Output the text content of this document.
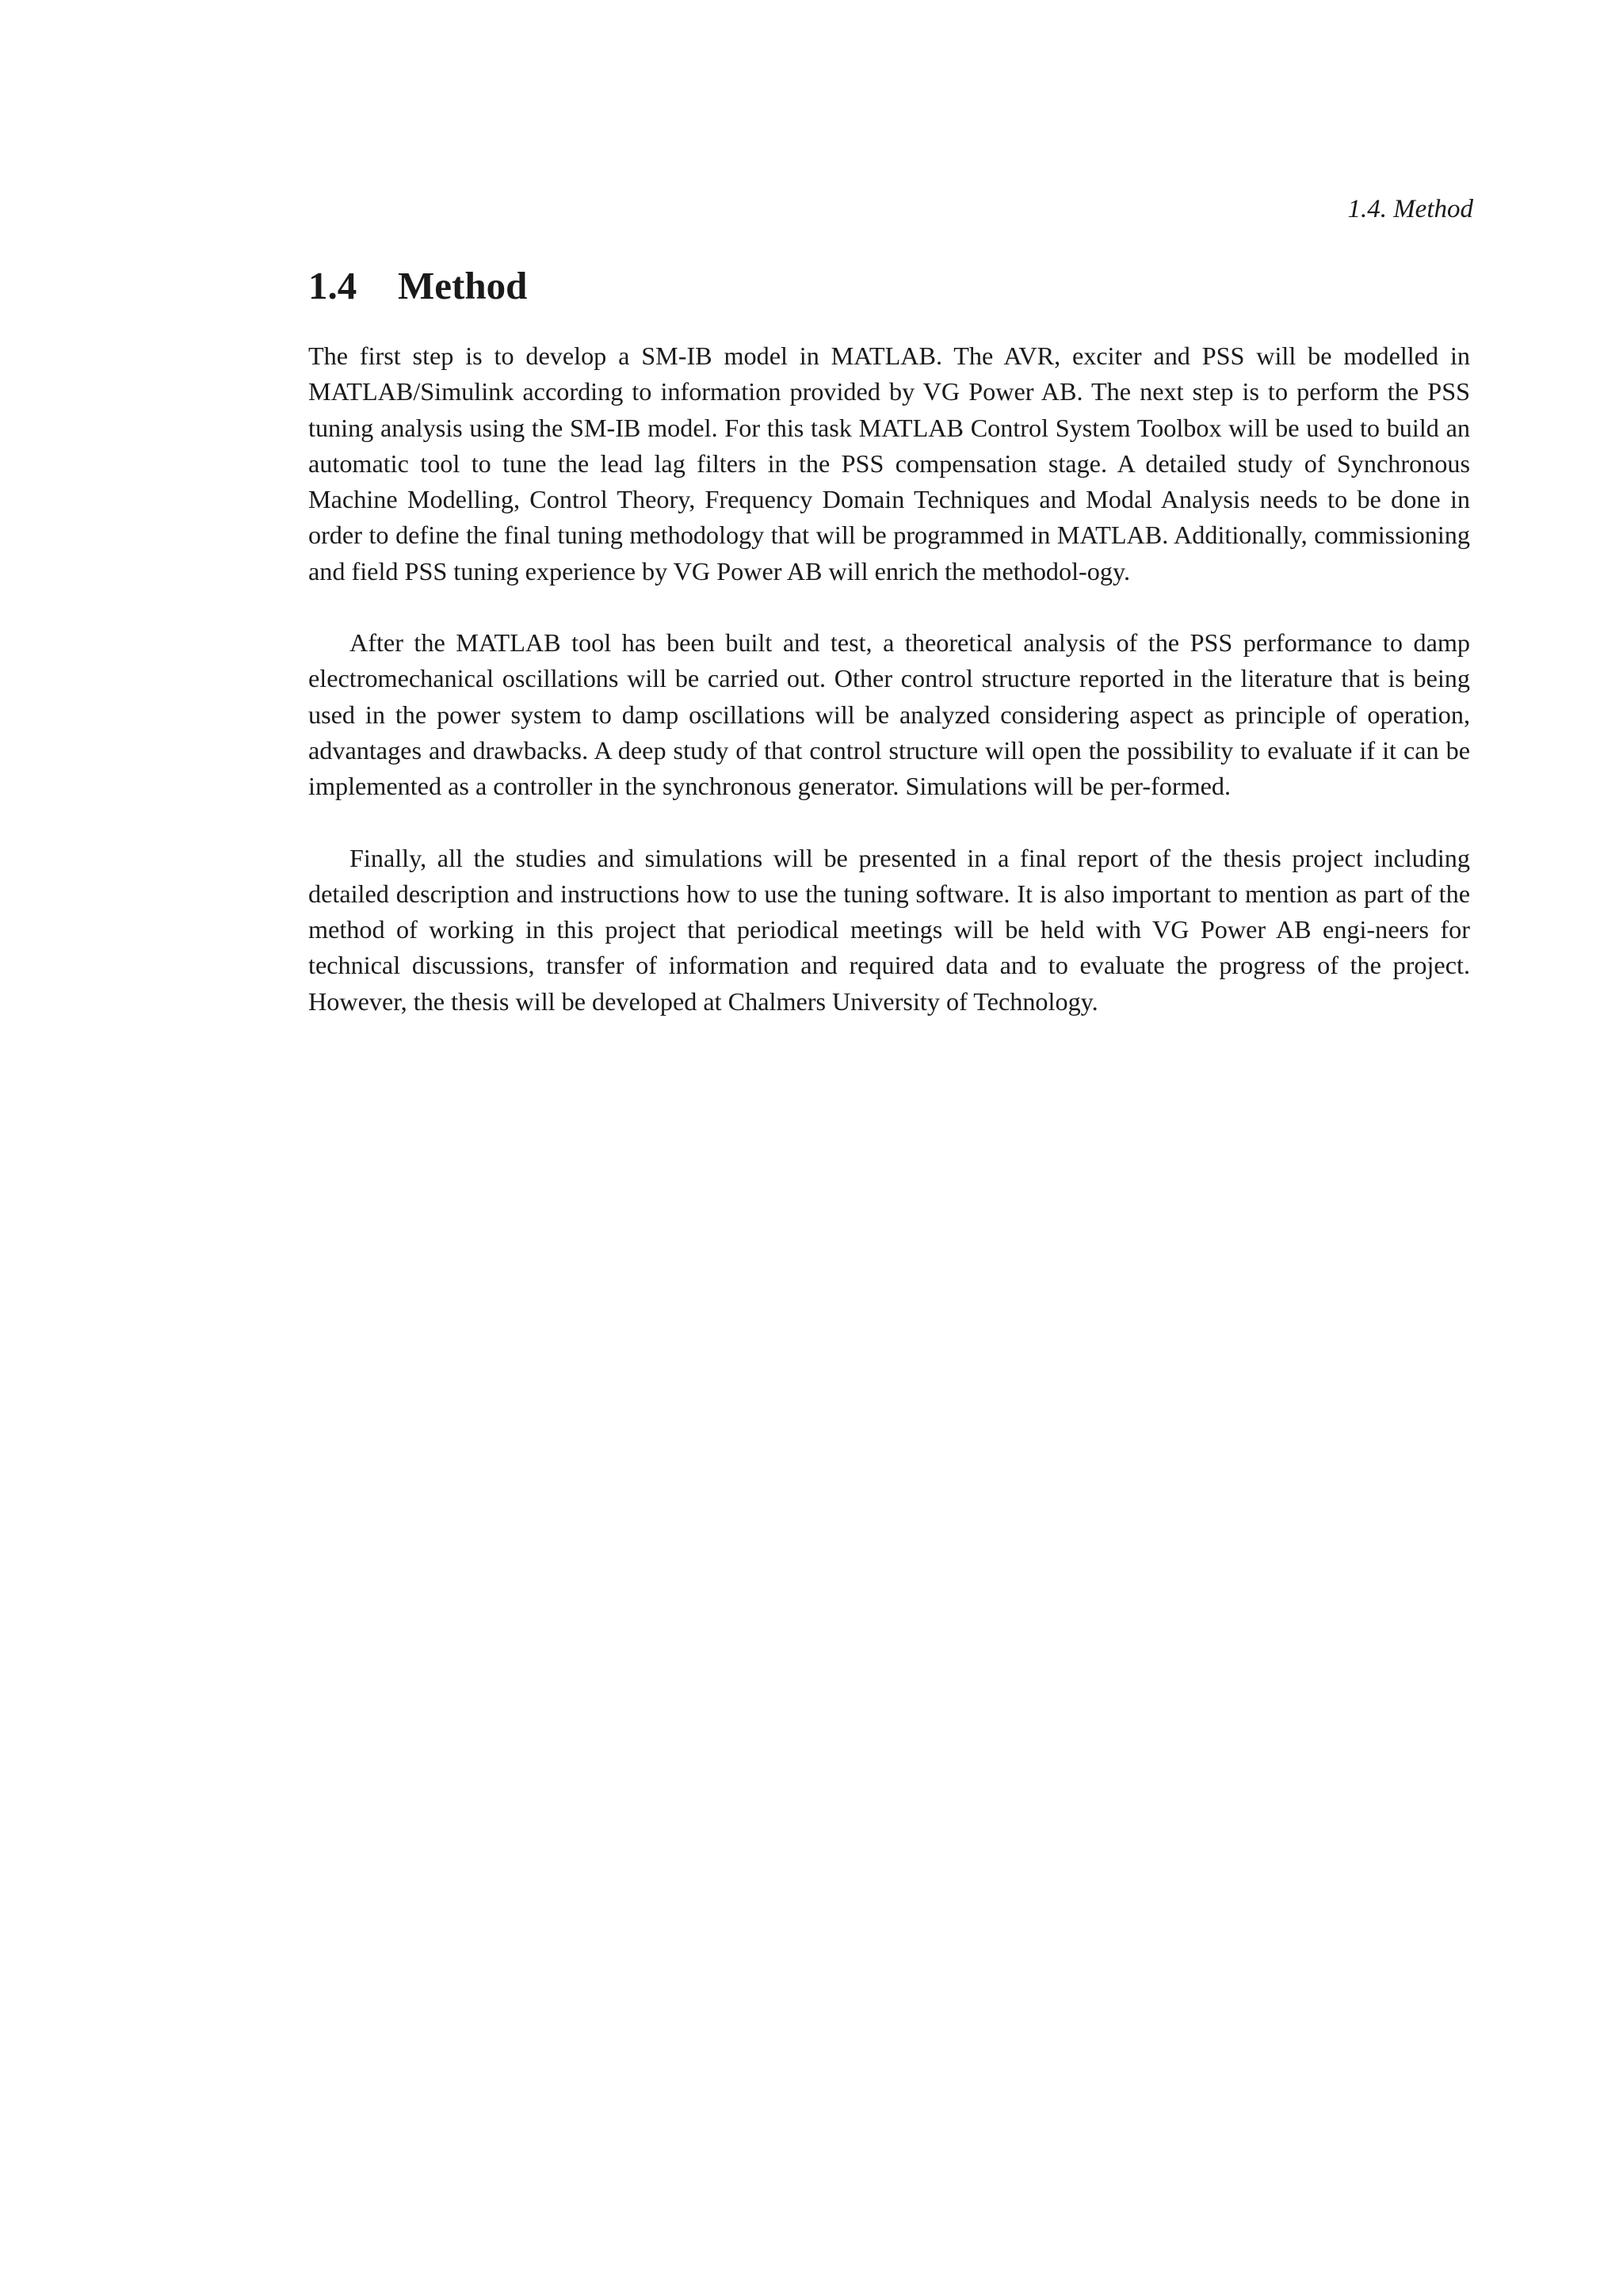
1.4. Method
1.4 Method

The first step is to develop a SM-IB model in MATLAB. The AVR, exciter and PSS will be modelled in MATLAB/Simulink according to information provided by VG Power AB. The next step is to perform the PSS tuning analysis using the SM-IB model. For this task MATLAB Control System Toolbox will be used to build an automatic tool to tune the lead lag filters in the PSS compensation stage. A detailed study of Synchronous Machine Modelling, Control Theory, Frequency Domain Techniques and Modal Analysis needs to be done in order to define the final tuning methodology that will be programmed in MATLAB. Additionally, commissioning and field PSS tuning experience by VG Power AB will enrich the methodol-ogy.

After the MATLAB tool has been built and test, a theoretical analysis of the PSS performance to damp electromechanical oscillations will be carried out. Other control structure reported in the literature that is being used in the power system to damp oscillations will be analyzed considering aspect as principle of operation, advantages and drawbacks. A deep study of that control structure will open the possibility to evaluate if it can be implemented as a controller in the synchronous generator. Simulations will be per-formed.

Finally, all the studies and simulations will be presented in a final report of the thesis project including detailed description and instructions how to use the tuning software. It is also important to mention as part of the method of working in this project that periodical meetings will be held with VG Power AB engi-neers for technical discussions, transfer of information and required data and to evaluate the progress of the project. However, the thesis will be developed at Chalmers University of Technology.
